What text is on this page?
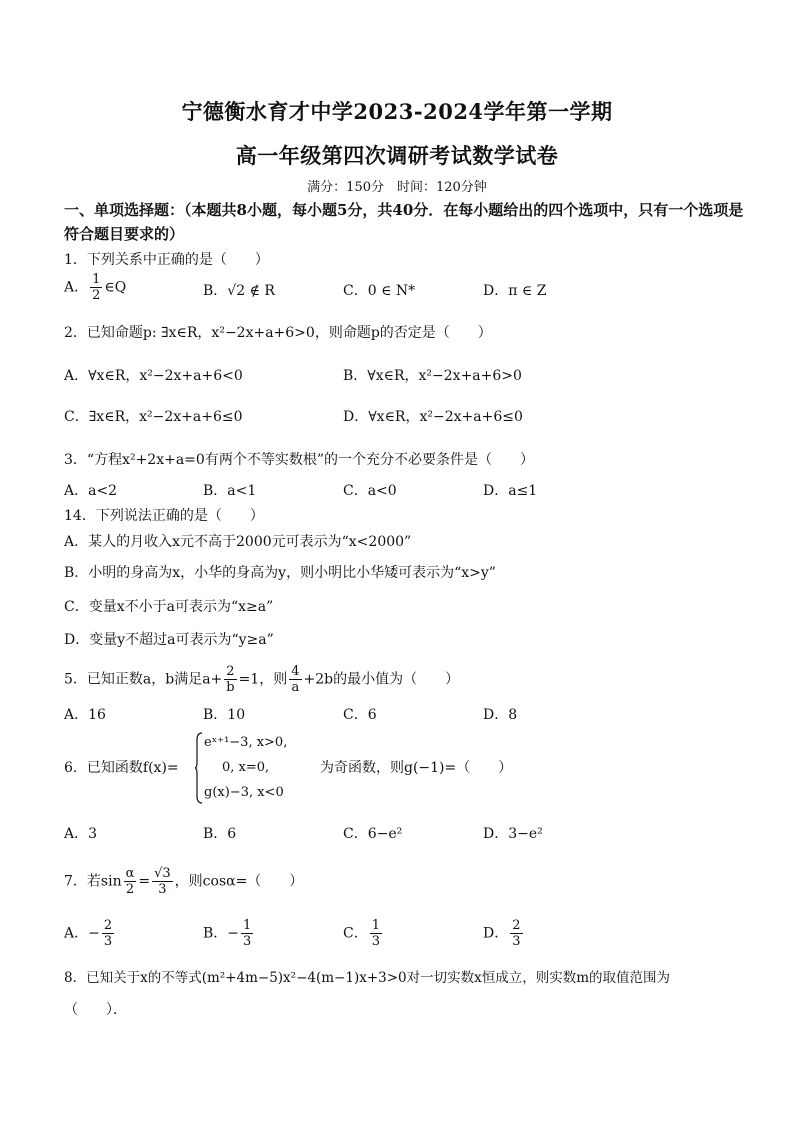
宁德衡水育才中学2023-2024学年第一学期
高一年级第四次调研考试数学试卷
满分：150分　时间：120分钟
一、单项选择题：（本题共8小题，每小题5分，共40分．在每小题给出的四个选项中，只有一个选项是符合题目要求的）
1．下列关系中正确的是（　　）
A． $\frac{1}{2}$ ∈Q	B．√2 ∉ R	C．0 ∈ N*	D．π ∈ Z
2．已知命题p: ∃x∈R，x²−2x+a+6>0，则命题p的否定是（　　）
A．∀x∈R，x²−2x+a+6<0	B．∀x∈R，x²−2x+a+6>0
C．∃x∈R，x²−2x+a+6≤0	D．∀x∈R，x²−2x+a+6≤0
3．“方程x²+2x+a=0有两个不等实数根”的一个充分不必要条件是（　　）
A．a<2	B．a<1	C．a<0	D．a≤1
14．下列说法正确的是（　　）
A．某人的月收入x元不高于2000元可表示为“x<2000”
B．小明的身高为x，小华的身高为y，则小明比小华矮可表示为“x>y”
C．变量x不小于a可表示为“x≥a”
D．变量y不超过a可表示为“y≥a”
5．已知正数a，b满足$a+ \frac{2}{b} =1$，则 $\frac{4}{a} +2b$的最小值为（　　）
A．16	B．10	C．6	D．8
6．已知函数f(x)=
eˣ⁺¹−3, x>0,
0, x=0,	为奇函数，则g(−1)=（　　）
g(x)−3, x<0
A．3	B．6	C．6−e²	D．3−e²
7．若$\sin \frac{\alpha}{2} = \frac{√3}{3}$ ，则cosα=（　　）
A．− $\frac{2}{3}$	B．− $\frac{1}{3}$	C． $\frac{1}{3}$	D． $\frac{2}{3}$
8．已知关于x的不等式(m²+4m−5)x²−4(m−1)x+3>0对一切实数x恒成立，则实数m的取值范围为
（　　）．
